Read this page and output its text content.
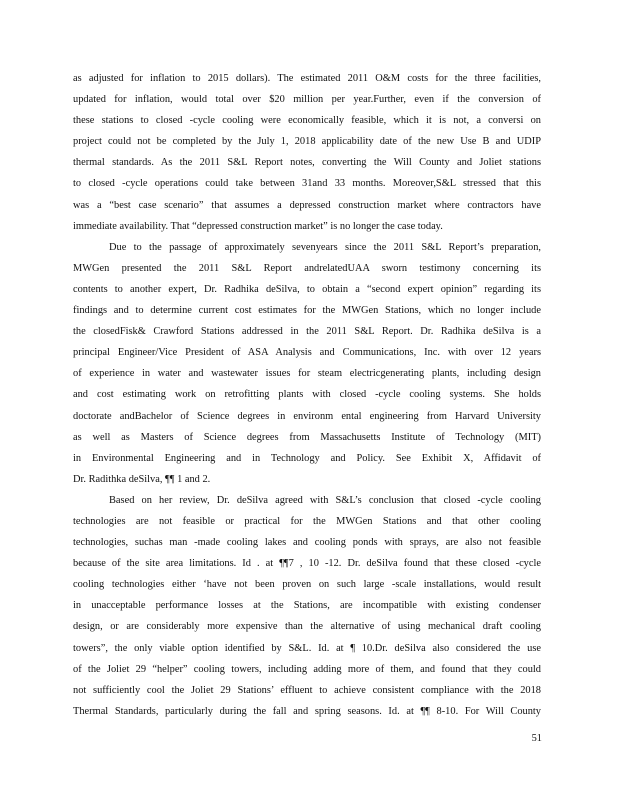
as adjusted for inflation to 2015 dollars). The estimated 2011 O&M costs for the three facilities,
updated for inflation, would total over $20 million per year.Further, even if the conversion of
these stations to closed -cycle cooling were economically feasible, which it is not, a conversi on
project could not be completed by the July 1, 2018 applicability date of the new Use B and UDIP
thermal standards. As the 2011 S&L Report notes, converting the Will County and Joliet stations
to closed -cycle operations could take between 31and 33 months. Moreover,S&L stressed that this
was a “best case scenario” that assumes a depressed construction market where contractors have
immediate availability. That “depressed construction market” is no longer the case today.
Due to the passage of approximately sevenyears since the 2011 S&L Report’s preparation,
MWGen presented the 2011 S&L Report andrelatedUAA sworn testimony concerning its
contents to another expert, Dr. Radhika deSilva, to obtain a “second expert opinion” regarding its
findings and to determine current cost estimates for the MWGen Stations, which no longer include
the closedFisk& Crawford Stations addressed in the 2011 S&L Report. Dr. Radhika deSilva is a
principal Engineer/Vice President of ASA Analysis and Communications, Inc. with over 12 years
of experience in water and wastewater issues for steam electricgenerating plants, including design
and cost estimating work on retrofitting plants with closed -cycle cooling systems. She holds
doctorate andBachelor of Science degrees in environm ental engineering from Harvard University
as well as Masters of Science degrees from Massachusetts Institute of Technology (MIT)
in Environmental Engineering and in Technology and Policy. See Exhibit X, Affidavit of
Dr. Radithka deSilva, ¶¶ 1 and 2.
Based on her review, Dr. deSilva agreed with S&L’s conclusion that closed -cycle cooling
technologies are not feasible or practical for the MWGen Stations and that other cooling
technologies, suchas man -made cooling lakes and cooling ponds with sprays, are also not feasible
because of the site area limitations. Id . at ¶¶7 , 10 -12. Dr. deSilva found that these closed -cycle
cooling technologies either ‘have not been proven on such large -scale installations, would result
in unacceptable performance losses at the Stations, are incompatible with existing condenser
design, or are considerably more expensive than the alternative of using mechanical draft cooling
towers”, the only viable option identified by S&L. Id. at ¶ 10.Dr. deSilva also considered the use
of the Joliet 29 “helper” cooling towers, including adding more of them, and found that they could
not sufficiently cool the Joliet 29 Stations’ effluent to achieve consistent compliance with the 2018
Thermal Standards, particularly during the fall and spring seasons. Id. at ¶¶ 8-10. For Will County
51
